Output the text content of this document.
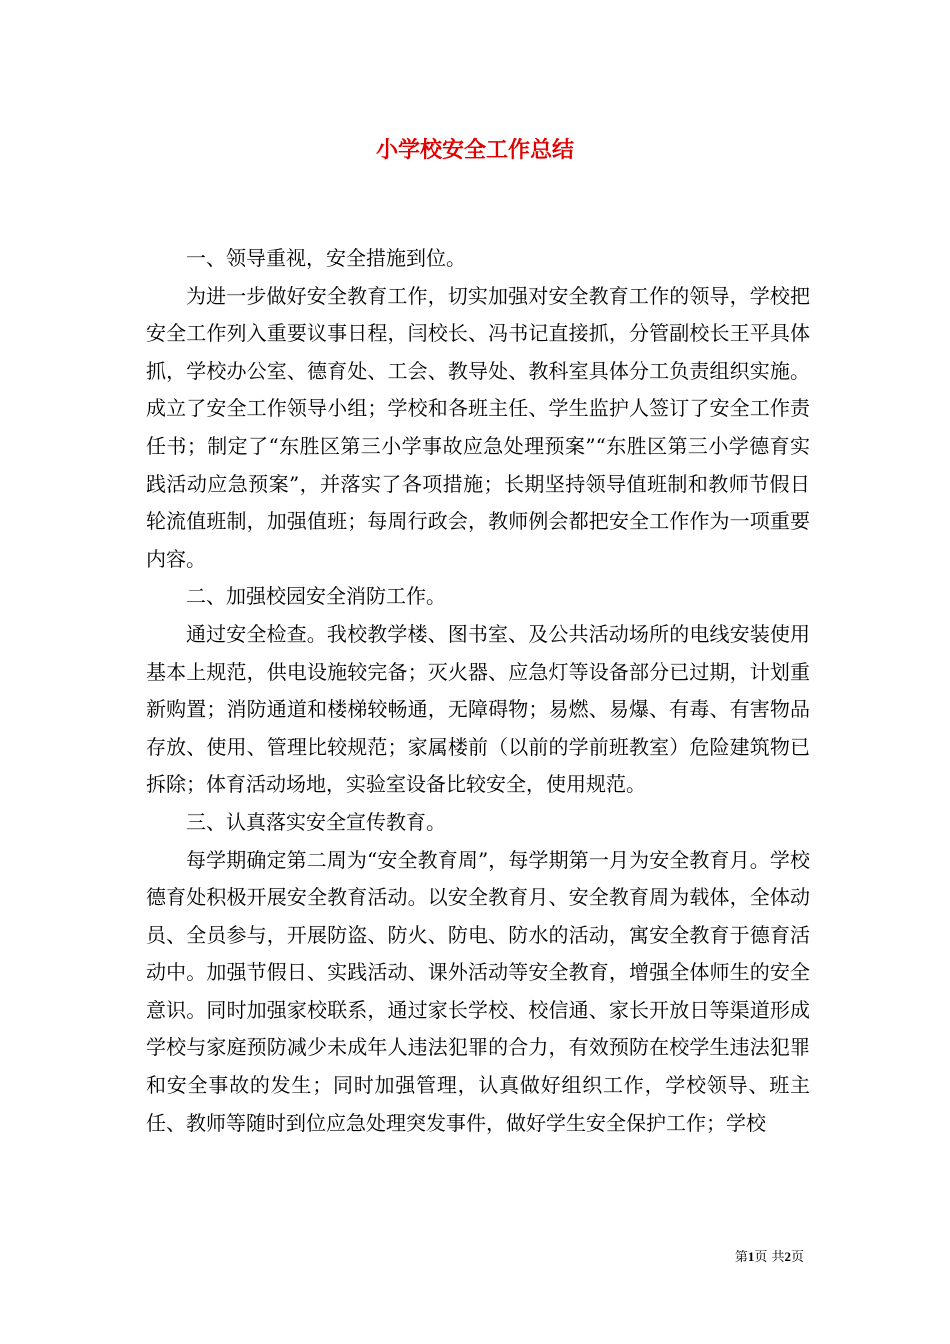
小学校安全工作总结

一、领导重视，安全措施到位。

为进一步做好安全教育工作，切实加强对安全教育工作的领导，学校把安全工作列入重要议事日程，闫校长、冯书记直接抓，分管副校长王平具体抓，学校办公室、德育处、工会、教导处、教科室具体分工负责组织实施。成立了安全工作领导小组；学校和各班主任、学生监护人签订了安全工作责任书；制定了“东胜区第三小学事故应急处理预案”“东胜区第三小学德育实践活动应急预案”，并落实了各项措施；长期坚持领导值班制和教师节假日轮流值班制，加强值班；每周行政会，教师例会都把安全工作作为一项重要内容。

二、加强校园安全消防工作。

通过安全检查。我校教学楼、图书室、及公共活动场所的电线安装使用基本上规范，供电设施较完备；灭火器、应急灯等设备部分已过期，计划重新购置；消防通道和楼梯较畅通，无障碍物；易燃、易爆、有毒、有害物品存放、使用、管理比较规范；家属楼前（以前的学前班教室）危险建筑物已拆除；体育活动场地，实验室设备比较安全，使用规范。

三、认真落实安全宣传教育。

每学期确定第二周为“安全教育周”，每学期第一月为安全教育月。学校德育处积极开展安全教育活动。以安全教育月、安全教育周为载体，全体动员、全员参与，开展防盗、防火、防电、防水的活动，寓安全教育于德育活动中。加强节假日、实践活动、课外活动等安全教育，增强全体师生的安全意识。同时加强家校联系，通过家长学校、校信通、家长开放日等渠道形成学校与家庭预防减少未成年人违法犯罪的合力，有效预防在校学生违法犯罪和安全事故的发生；同时加强管理，认真做好组织工作，学校领导、班主任、教师等随时到位应急处理突发事件，做好学生安全保护工作；学校

第1页 共2页
